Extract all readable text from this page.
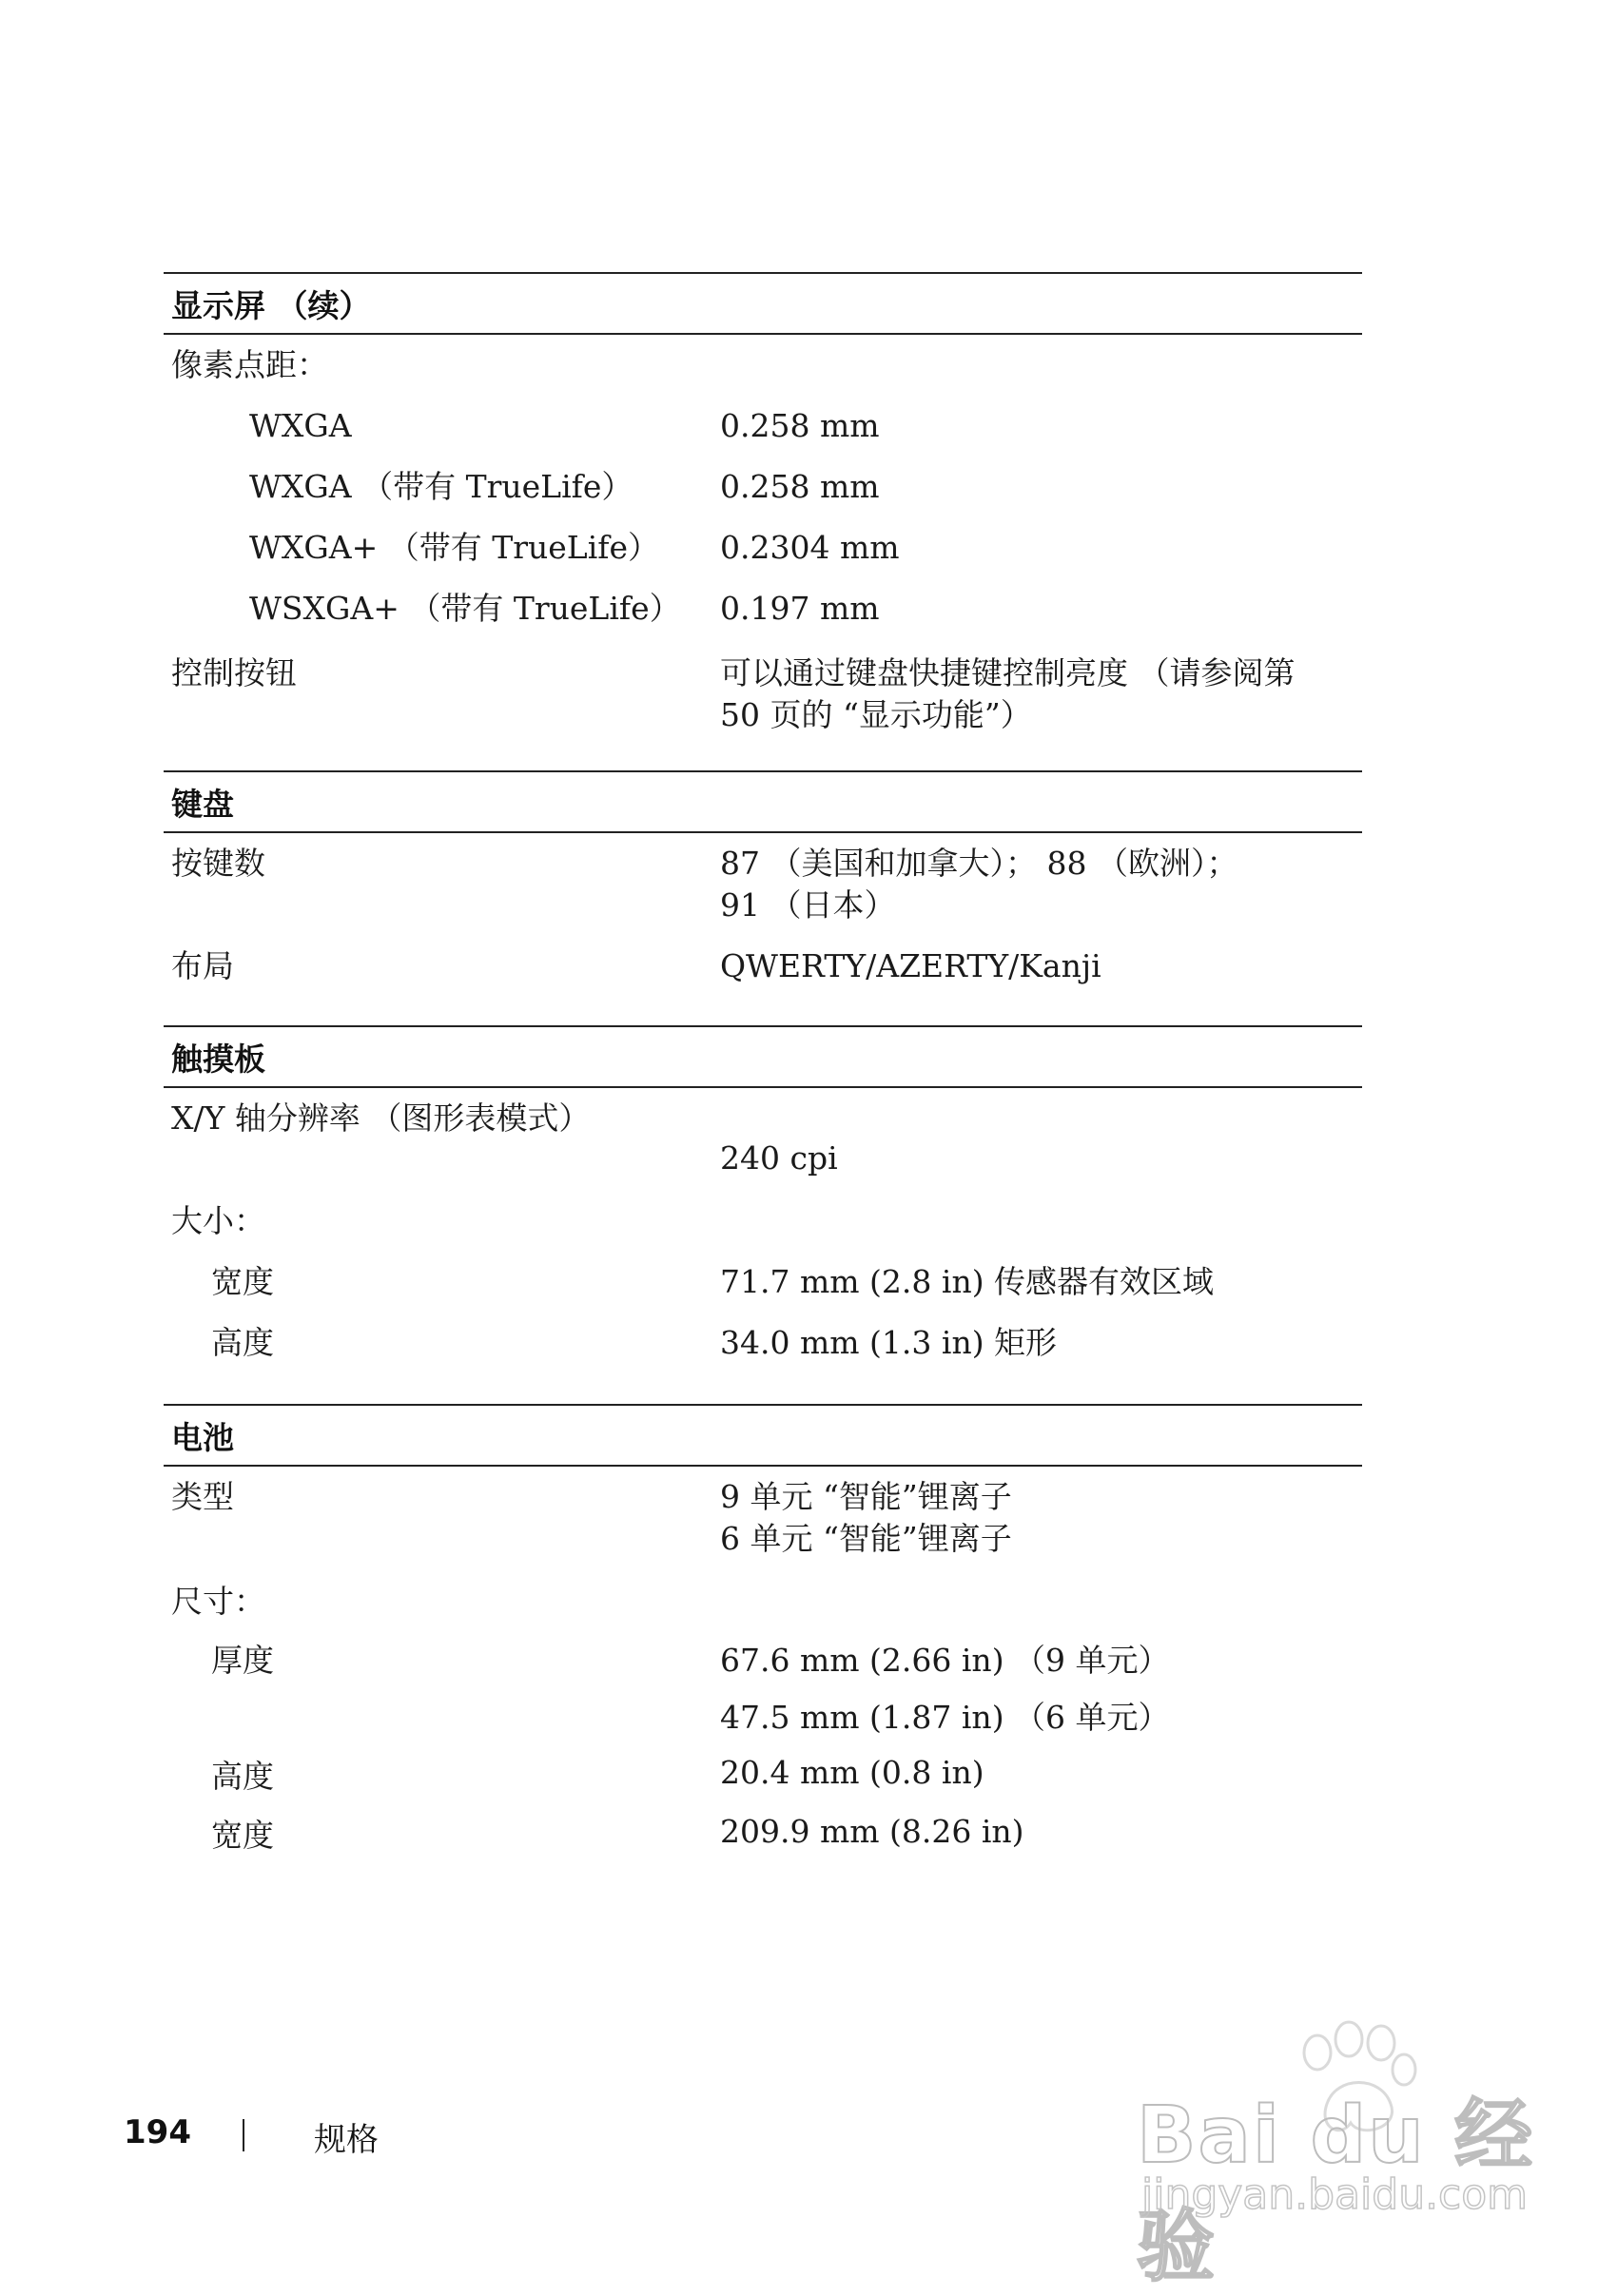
显示屏 （续）
像素点距：
WXGA	0.258 mm
WXGA （带有 TrueLife）	0.258 mm
WXGA+ （带有 TrueLife） 0.2304 mm
WSXGA+ （带有 TrueLife） 0.197 mm
控制按钮	可以通过键盘快捷键控制亮度 （请参阅第
50 页的 “显示功能”）
键盘
按键数	87 （美国和加拿大）； 88 （欧洲）；
91 （日本）
布局	QWERTY/AZERTY/Kanji
触摸板
X/Y 轴分辨率 （图形表模式）
240 cpi
大小：
宽度	71.7 mm (2.8 in) 传感器有效区域
高度	34.0 mm (1.3 in) 矩形
电池
类型	9 单元 “智能”锂离子
6 单元 “智能”锂离子
尺寸：
厚度	67.6 mm (2.66 in) （9 单元）
47.5 mm (1.87 in) （6 单元）
高度	20.4 mm (0.8 in)
宽度	209.9 mm (8.26 in)
194	规格	Bai du 经验
jingyan.baidu.com
